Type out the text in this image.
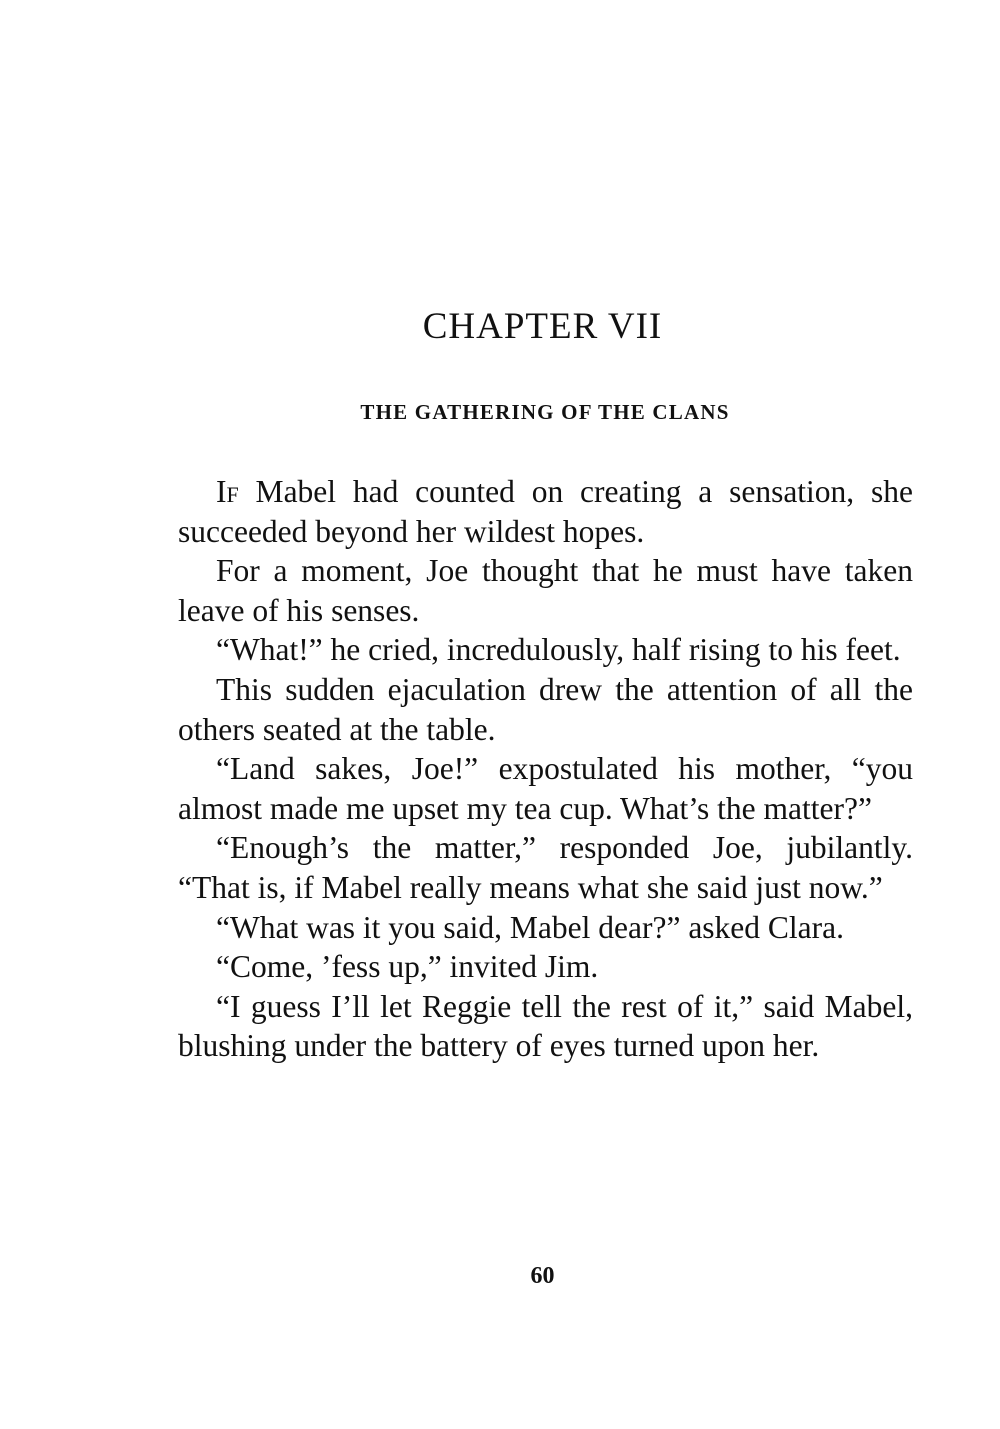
CHAPTER VII
THE GATHERING OF THE CLANS

If Mabel had counted on creating a sensation, she succeeded beyond her wildest hopes.

For a moment, Joe thought that he must have taken leave of his senses.

“What!” he cried, incredulously, half rising to his feet.

This sudden ejaculation drew the attention of all the others seated at the table.

“Land sakes, Joe!” expostulated his mother, “you almost made me upset my tea cup. What’s the matter?”

“Enough’s the matter,” responded Joe, jubilantly. “That is, if Mabel really means what she said just now.”

“What was it you said, Mabel dear?” asked Clara.

“Come, ’fess up,” invited Jim.

“I guess I’ll let Reggie tell the rest of it,” said Mabel, blushing under the battery of eyes turned upon her.

60
